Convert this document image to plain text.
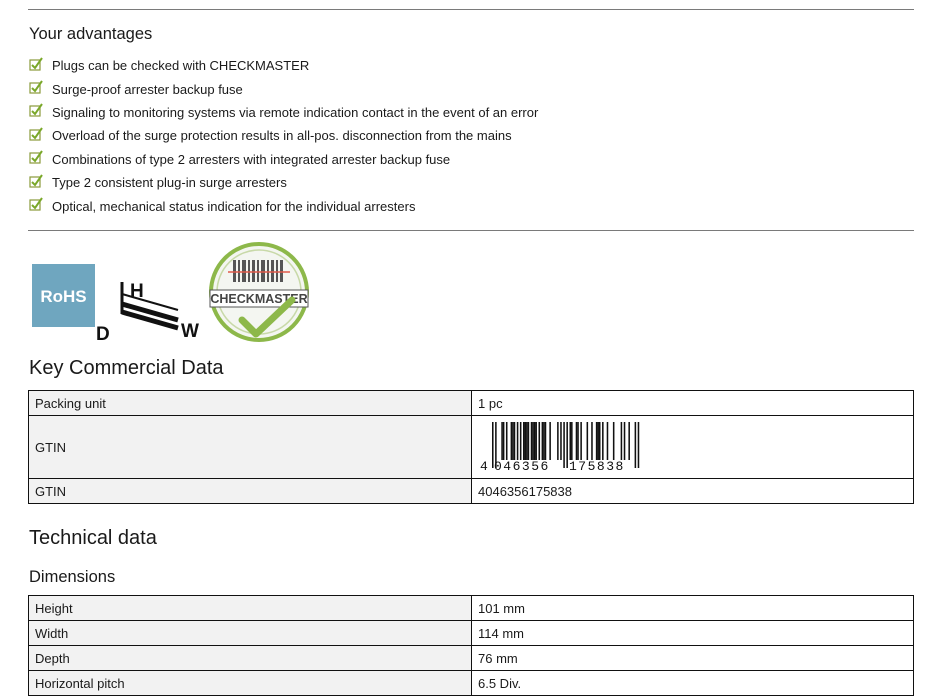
Your advantages
Plugs can be checked with CHECKMASTER
Surge-proof arrester backup fuse
Signaling to monitoring systems via remote indication contact in the event of an error
Overload of the surge protection results in all-pos. disconnection from the mains
Combinations of type 2 arresters with integrated arrester backup fuse
Type 2 consistent plug-in surge arresters
Optical, mechanical status indication for the individual arresters
RoHS H
D	W
CHECKMASTER
Key Commercial Data
Packing unit	1 pc
GTIN	4 046356 175838

GTIN	4046356175838
Technical data
Dimensions
Height	101 mm
Width	114 mm
Depth	76 mm
Horizontal pitch	6.5 Div.
